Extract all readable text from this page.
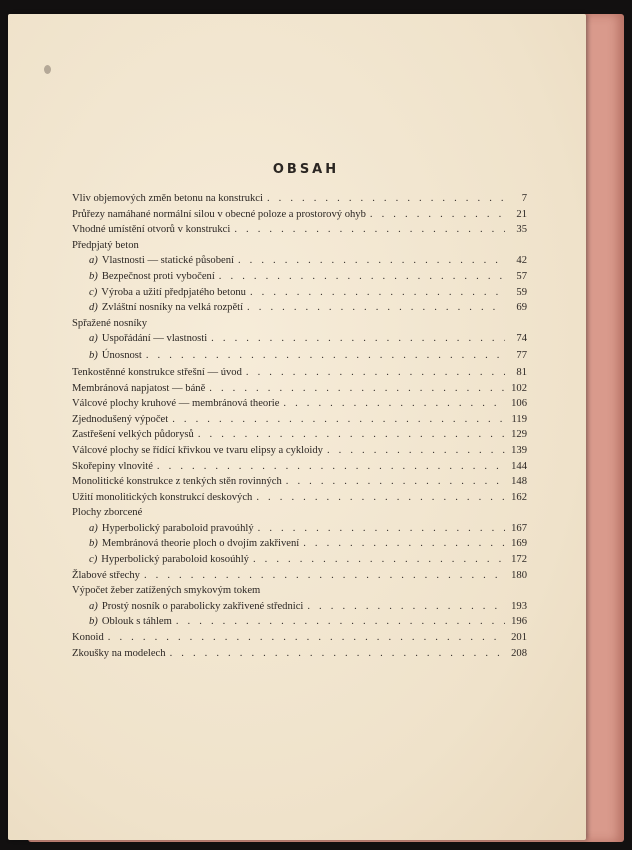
OBSAH
Vliv objemových změn betonu na konstrukci . . .	7
Průřezy namáhané normální silou v obecné poloze a prostorový ohyb . . .	21
Vhodné umístění otvorů v konstrukci . . .	35
Předpjatý beton
a) Vlastnosti — statické působení . . .	42
b) Bezpečnost proti vybočení . . .	57
c) Výroba a užití předpjatého betonu . . .	59
d) Zvláštní nosníky na velká rozpětí . . .	69
Spřažené nosníky
a) Uspořádání — vlastnosti . . .	74
b) Únosnost . . .	77
Tenkostěnné konstrukce střešní — úvod . . .	81
Membránová napjatost — báně . . .	102
Válcové plochy kruhové — membránová theorie . . .	106
Zjednodušený výpočet . . .	119
Zastřešení velkých půdorysů . . .	129
Válcové plochy se řídící křivkou ve tvaru elipsy a cykloidy . . .	139
Skořepiny vlnovité . . .	144
Monolitické konstrukce z tenkých stěn rovinných . . .	148
Užití monolitických konstrukcí deskových . . .	162
Plochy zborcené
a) Hyperbolický paraboloid pravoúhlý . . .	167
b) Membránová theorie ploch o dvojím zakřivení . . .	169
c) Hyperbolický paraboloid kosoúhlý . . .	172
Žlabové střechy . . .	180
Výpočet žeber zatížených smykovým tokem
a) Prostý nosník o parabolicky zakřivené střednici . . .	193
b) Oblouk s táhlem . . .	196
Konoid . . .	201
Zkoušky na modelech . . .	208
